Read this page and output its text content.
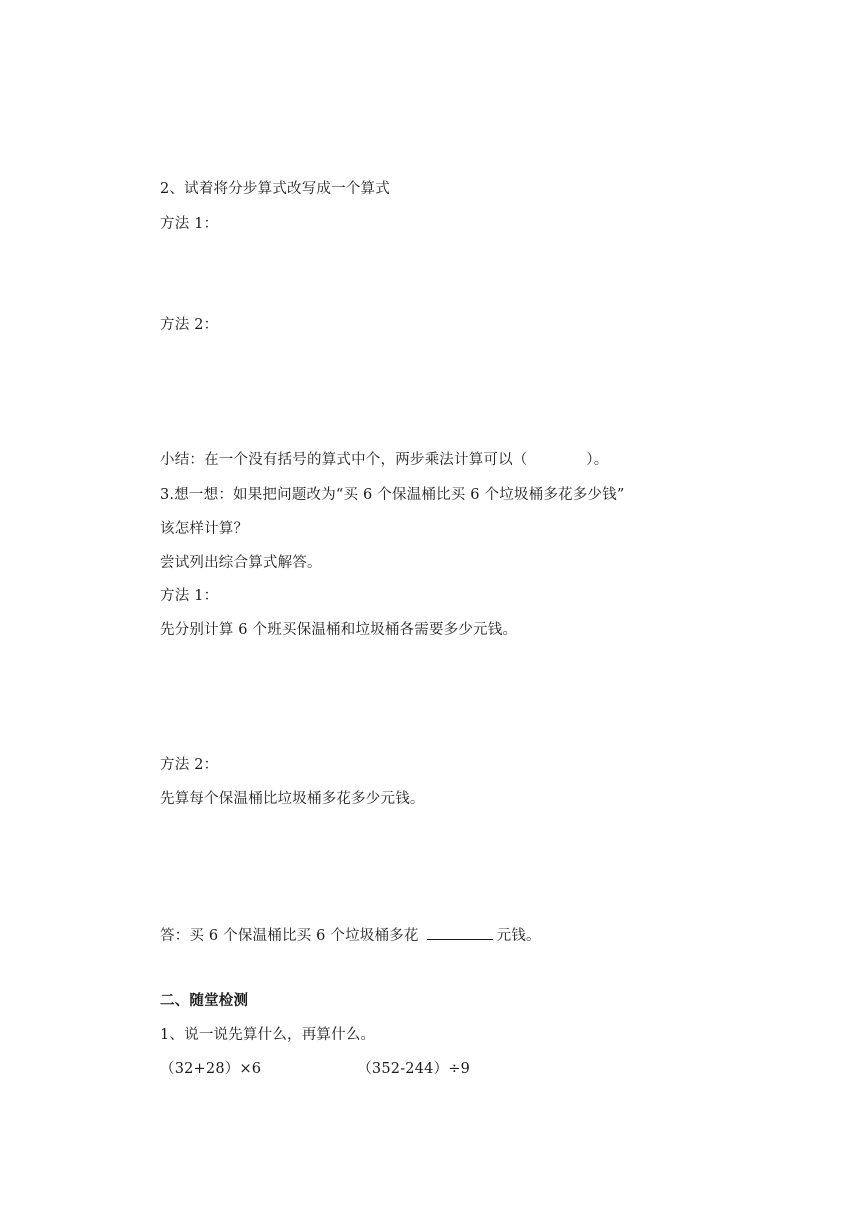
2、试着将分步算式改写成一个算式
方法 1：
方法 2：
小结：在一个没有括号的算式中个，两步乘法计算可以（　　　　）。
3.想一想：如果把问题改为“买 6 个保温桶比买 6 个垃圾桶多花多少钱”
该怎样计算？
尝试列出综合算式解答。
方法 1：
先分别计算 6 个班买保温桶和垃圾桶各需要多少元钱。
方法 2：
先算每个保温桶比垃圾桶多花多少元钱。
答：买 6 个保温桶比买 6 个垃圾桶多花	元钱。
二、随堂检测
1、说一说先算什么，再算什么。
（32+28）×6	（352-244）÷9
